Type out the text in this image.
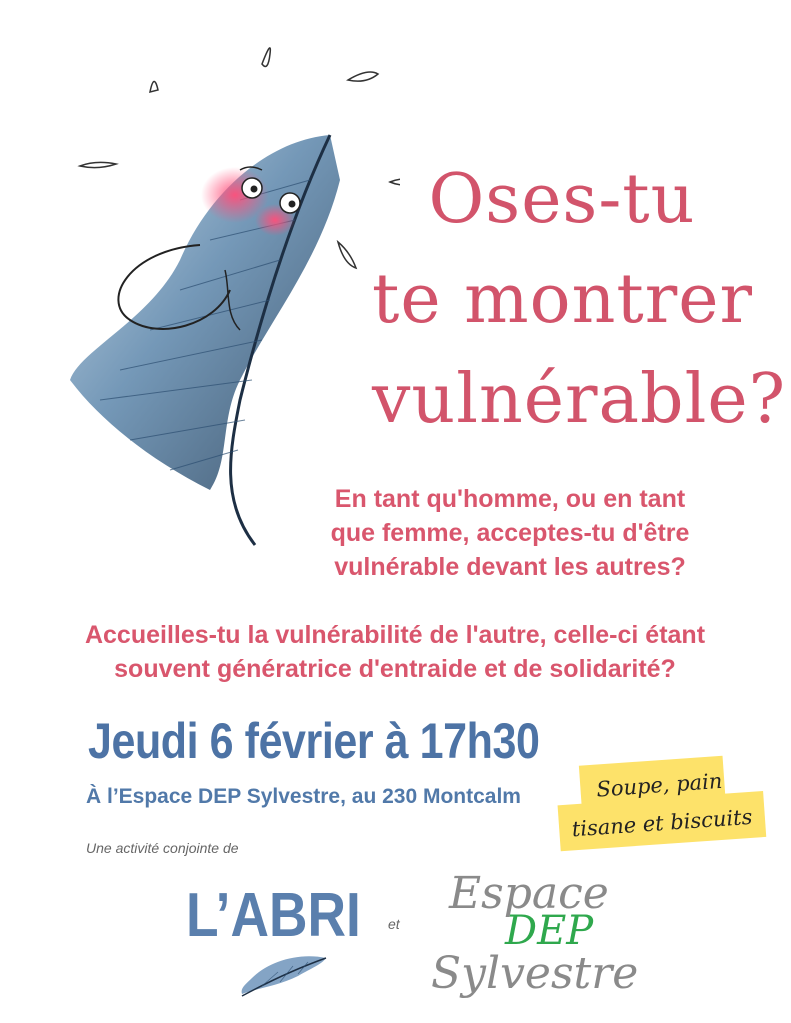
Oses-tu
te montrer
vulnérable?
En tant qu'homme, ou en tant
que femme, acceptes-tu d'être
vulnérable devant les autres?
Accueilles-tu la vulnérabilité de l'autre, celle-ci étant
souvent génératrice d'entraide et de solidarité?
Jeudi 6 février à 17h30
À l’Espace DEP Sylvestre, au 230 Montcalm	Soupe, pain
tisane et biscuits
Une activité conjointe de
L’ABRI et
Espace
DEP
Sylvestre
